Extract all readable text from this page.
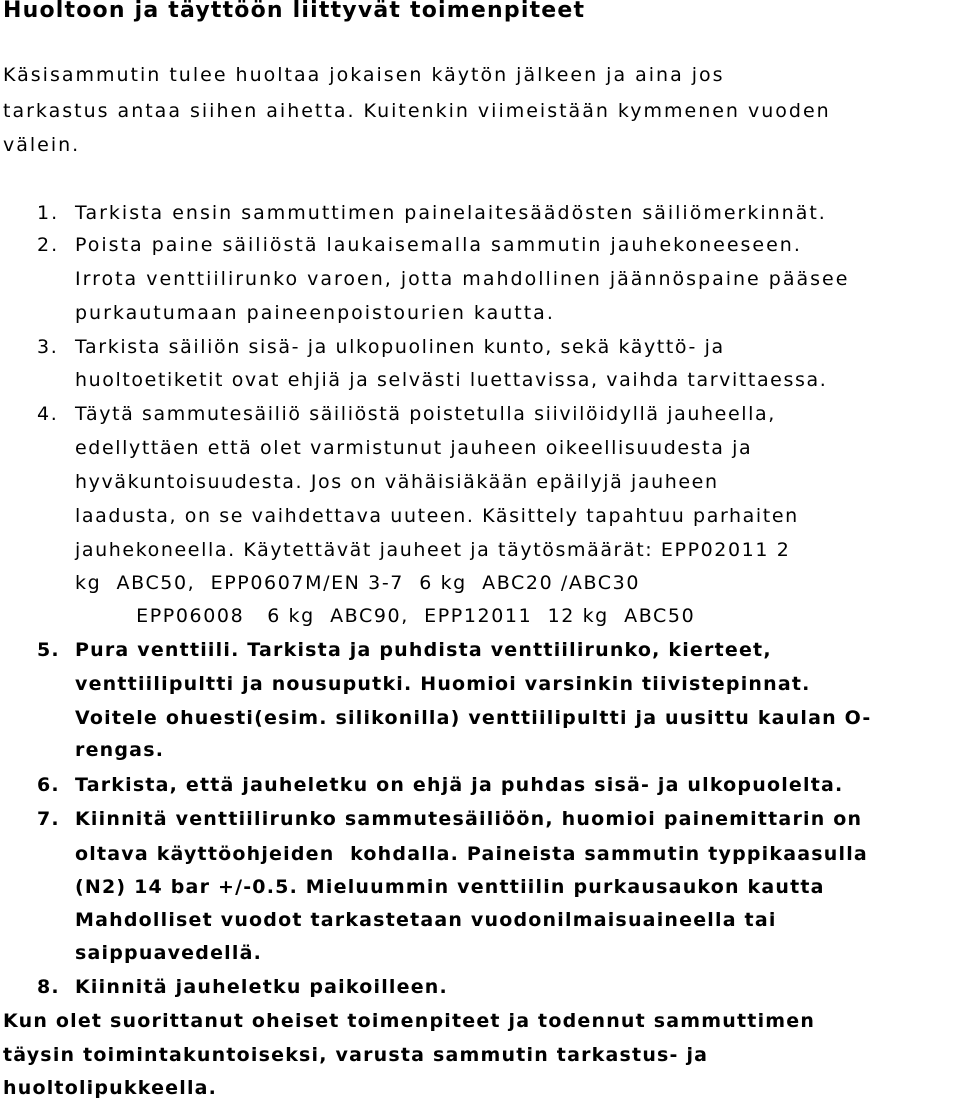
Huoltoon ja täyttöön liittyvät toimenpiteet
Käsisammutin tulee huoltaa jokaisen käytön jälkeen ja aina jos
tarkastus antaa siihen aihetta. Kuitenkin viimeistään kymmenen vuoden
välein.
1. Tarkista ensin sammuttimen painelaitesäädösten säiliömerkinnät.
2. Poista paine säiliöstä laukaisemalla sammutin jauhekoneeseen.
Irrota venttiilirunko varoen, jotta mahdollinen jäännöspaine pääsee
purkautumaan paineenpoistourien kautta.
3. Tarkista säiliön sisä- ja ulkopuolinen kunto, sekä käyttö- ja
huoltoetiketit ovat ehjiä ja selvästi luettavissa, vaihda tarvittaessa.
4. Täytä sammutesäiliö säiliöstä poistetulla siivilöidyllä jauheella,
edellyttäen että olet varmistunut jauheen oikeellisuudesta ja
hyväkuntoisuudesta. Jos on vähäisiäkään epäilyjä jauheen
laadusta, on se vaihdettava uuteen. Käsittely tapahtuu parhaiten
jauhekoneella. Käytettävät jauheet ja täytösmäärät: EPP02011 2
kg  ABC50,  EPP0607M/EN 3-7  6 kg  ABC20 /ABC30
EPP06008   6 kg  ABC90,  EPP12011  12 kg  ABC50
5. Pura venttiili. Tarkista ja puhdista venttiilirunko, kierteet,
venttiilipultti ja nousuputki. Huomioi varsinkin tiivistepinnat.
Voitele ohuesti(esim. silikonilla) venttiilipultti ja uusittu kaulan O-
rengas.
6. Tarkista, että jauheletku on ehjä ja puhdas sisä- ja ulkopuolelta.
7. Kiinnitä venttiilirunko sammutesäiliöön, huomioi painemittarin on
oltava käyttöohjeiden  kohdalla. Paineista sammutin typpikaasulla
(N2) 14 bar +/-0.5. Mieluummin venttiilin purkausaukon kautta
Mahdolliset vuodot tarkastetaan vuodonilmaisuaineella tai
saippuavedellä.
8. Kiinnitä jauheletku paikoilleen.
Kun olet suorittanut oheiset toimenpiteet ja todennut sammuttimen
täysin toimintakuntoiseksi, varusta sammutin tarkastus- ja
huoltolipukkeella.
